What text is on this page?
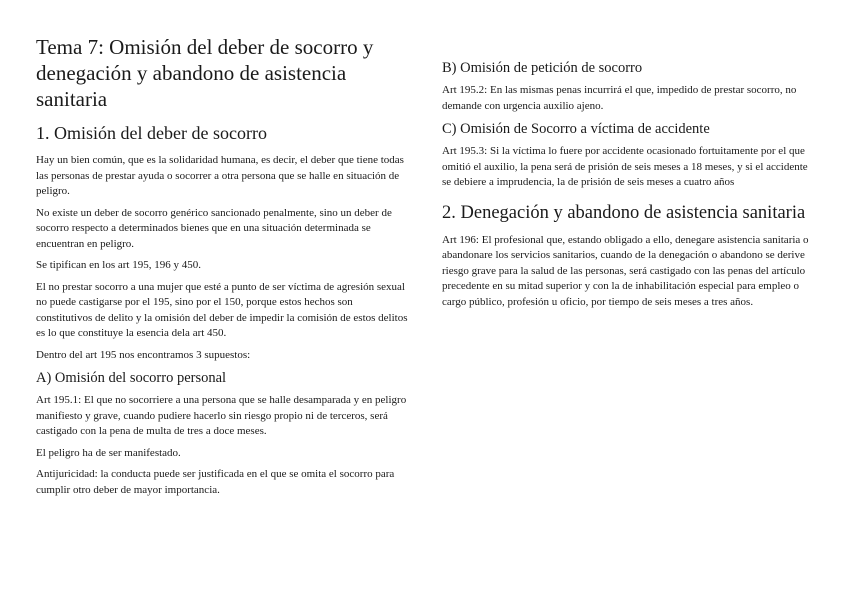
Tema 7: Omisión del deber de socorro y denegación y abandono de asistencia sanitaria
1. Omisión del deber de socorro

Hay un bien común, que es la solidaridad humana, es decir, el deber que tiene todas las personas de prestar ayuda o socorrer a otra persona que se halle en situación de peligro.

No existe un deber de socorro genérico sancionado penalmente, sino un deber de socorro respecto a determinados bienes que en una situación determinada se encuentran en peligro.

Se tipifican en los art 195, 196 y 450.

El no prestar socorro a una mujer que esté a punto de ser víctima de agresión sexual no puede castigarse por el 195, sino por el 150, porque estos hechos son constitutivos de delito y la omisión del deber de impedir la comisión de estos delitos es lo que constituye la esencia dela art 450.

Dentro del art 195 nos encontramos 3 supuestos:

A) Omisión del socorro personal

Art 195.1: El que no socorriere a una persona que se halle desamparada y en peligro manifiesto y grave, cuando pudiere hacerlo sin riesgo propio ni de terceros, será castigado con la pena de multa de tres a doce meses.

El peligro ha de ser manifestado.

Antijuricidad: la conducta puede ser justificada en el que se omita el socorro para cumplir otro deber de mayor importancia.

B) Omisión de petición de socorro

Art 195.2: En las mismas penas incurrirá el que, impedido de prestar socorro, no demande con urgencia auxilio ajeno.

C) Omisión de Socorro a víctima de accidente

Art 195.3: Si la víctima lo fuere por accidente ocasionado fortuitamente por el que omitió el auxilio, la pena será de prisión de seis meses a 18 meses, y si el accidente se debiere a imprudencia, la de prisión de seis meses a cuatro años

2. Denegación y abandono de asistencia sanitaria

Art 196: El profesional que, estando obligado a ello, denegare asistencia sanitaria o abandonare los servicios sanitarios, cuando de la denegación o abandono se derive riesgo grave para la salud de las personas, será castigado con las penas del artículo precedente en su mitad superior y con la de inhabilitación especial para empleo o cargo público, profesión u oficio, por tiempo de seis meses a tres años.
